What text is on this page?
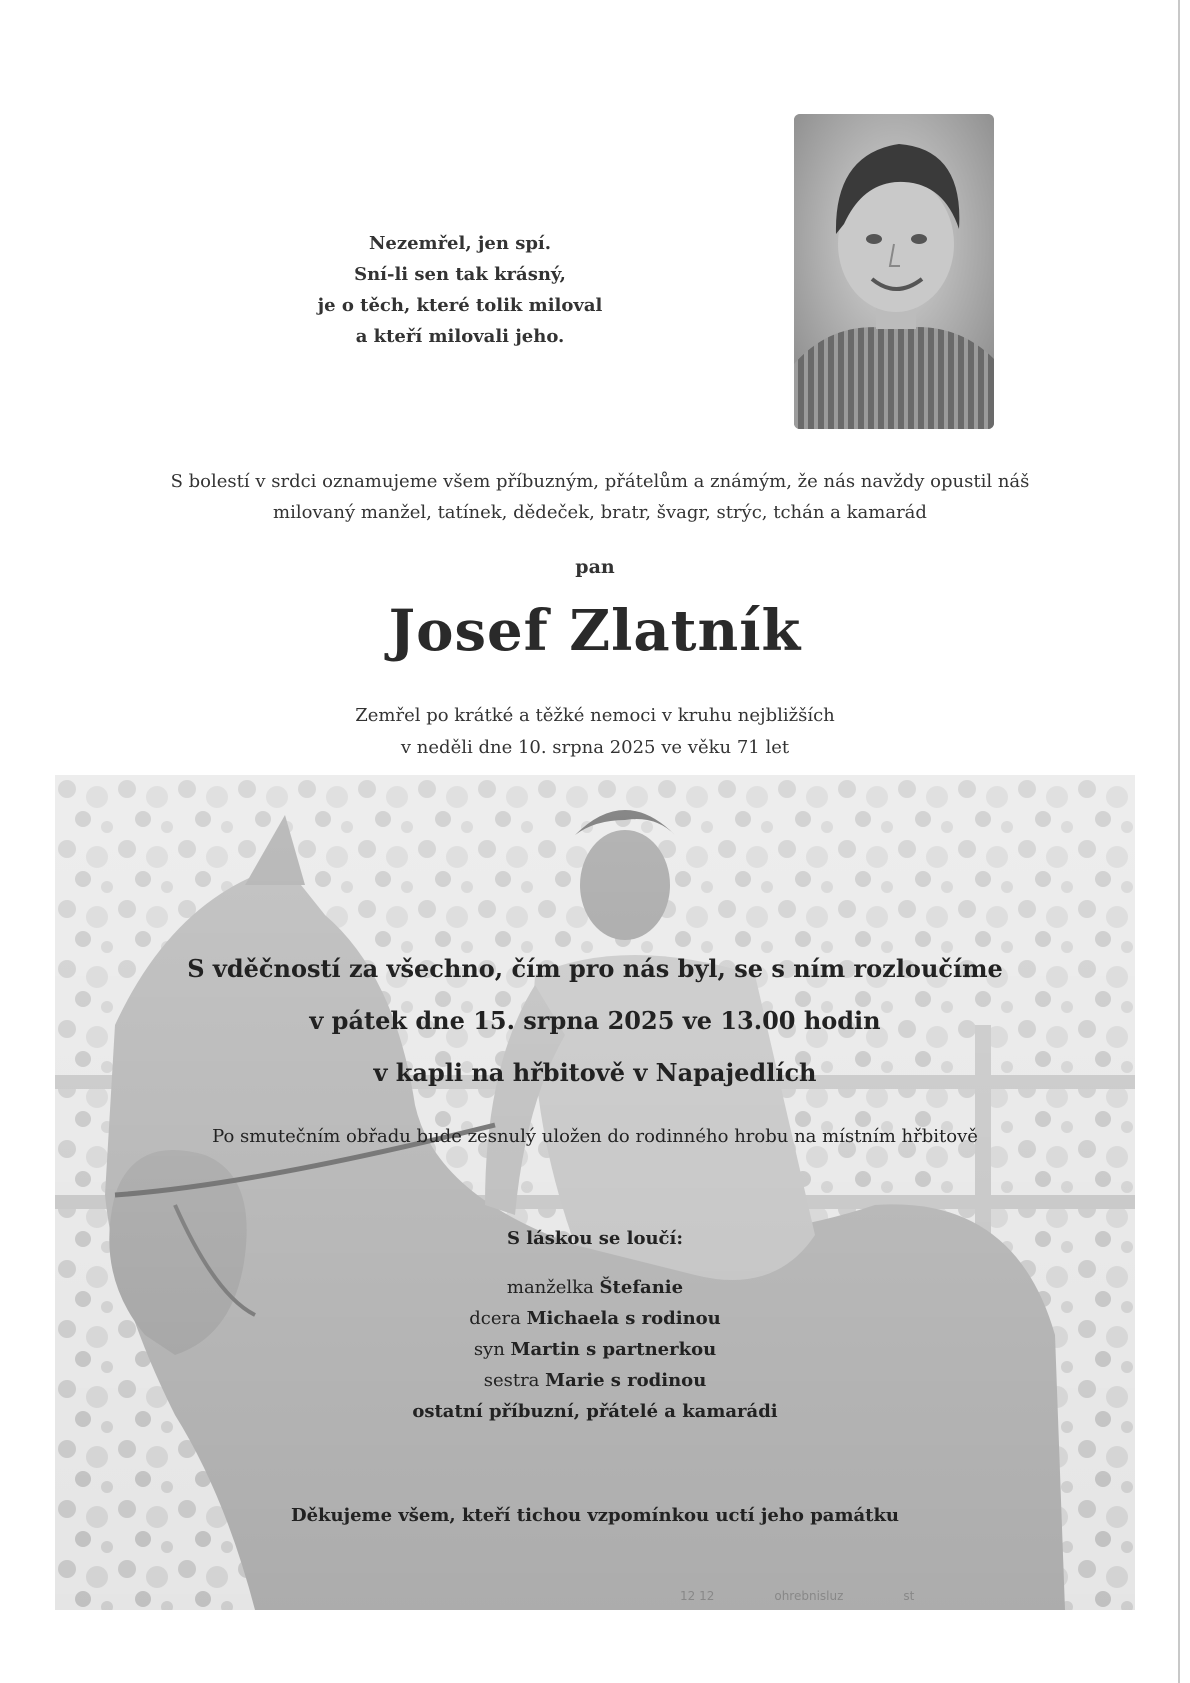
Nezemřel, jen spí.
Sní-li sen tak krásný,
je o těch, které tolik miloval
a kteří milovali jeho.
S bolestí v srdci oznamujeme všem příbuzným, přátelům a známým, že nás navždy opustil náš
milovaný manžel, tatínek, dědeček, bratr, švagr, strýc, tchán a kamarád
pan
Josef Zlatník
Zemřel po krátké a těžké nemoci v kruhu nejbližších
v neděli dne 10. srpna 2025 ve věku 71 let
S vděčností za všechno, čím pro nás byl, se s ním rozloučíme
v pátek dne 15. srpna 2025 ve 13.00 hodin
v kapli na hřbitově v Napajedlích
Po smutečním obřadu bude zesnulý uložen do rodinného hrobu na místním hřbitově
S láskou se loučí:
manželka Štefanie
dcera Michaela s rodinou
syn Martin s partnerkou
sestra Marie s rodinou
ostatní příbuzní, přátelé a kamarádi
Děkujeme všem, kteří tichou vzpomínkou uctí jeho památku
12 12	ohrebnisluz	st
